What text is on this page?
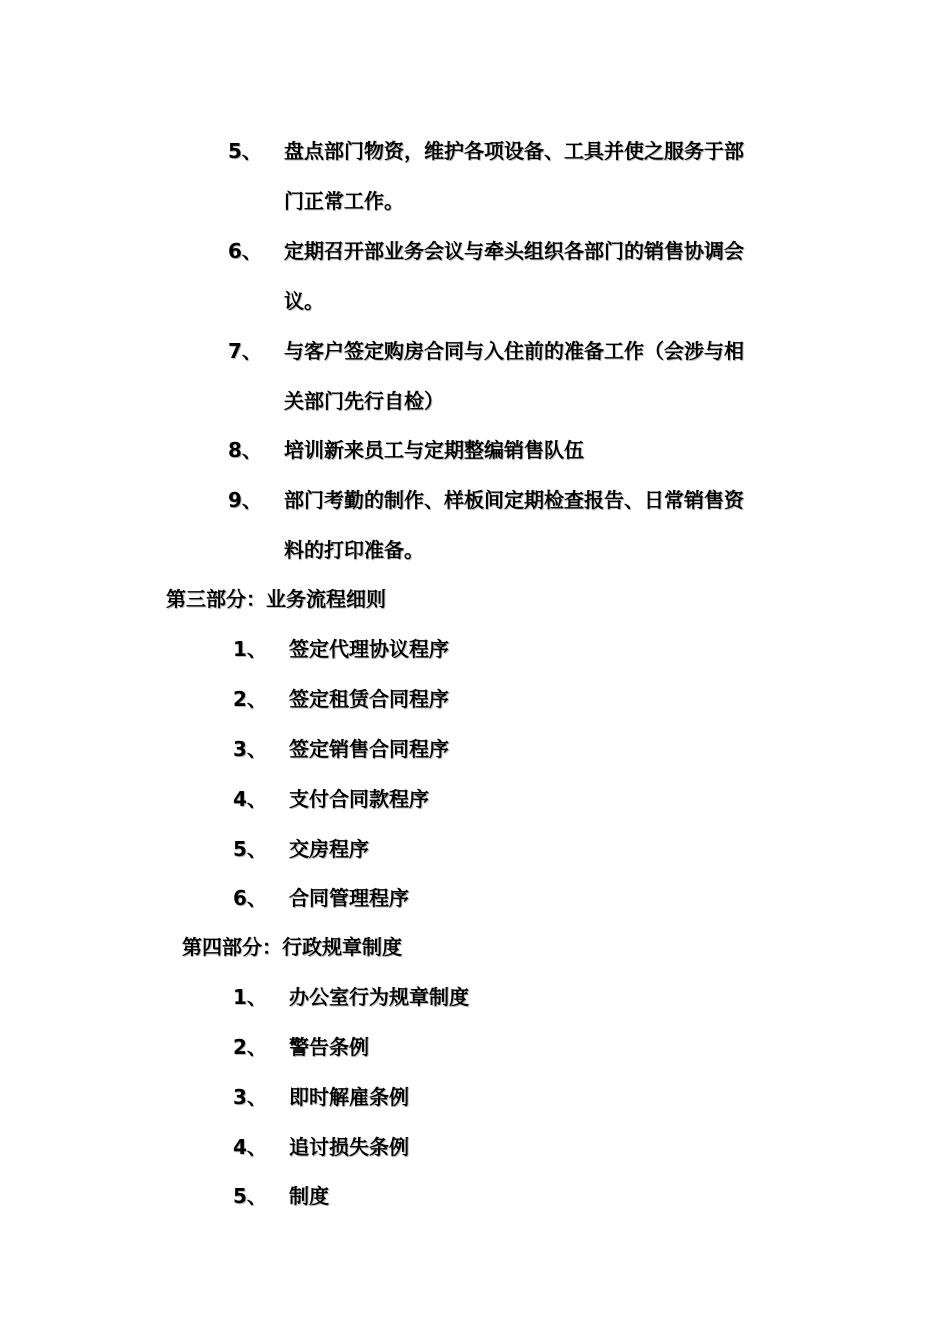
5、 盘点部门物资，维护各项设备、工具并使之服务于部
门正常工作。
6、 定期召开部业务会议与牵头组织各部门的销售协调会
议。
7、 与客户签定购房合同与入住前的准备工作（会涉与相
关部门先行自检）
8、 培训新来员工与定期整编销售队伍
9、 部门考勤的制作、样板间定期检查报告、日常销售资
料的打印准备。
第三部分：业务流程细则
1、 签定代理协议程序
2、 签定租赁合同程序
3、 签定销售合同程序
4、 支付合同款程序
5、 交房程序
6、 合同管理程序
第四部分：行政规章制度
1、 办公室行为规章制度
2、 警告条例
3、 即时解雇条例
4、 追讨损失条例
5、 制度
